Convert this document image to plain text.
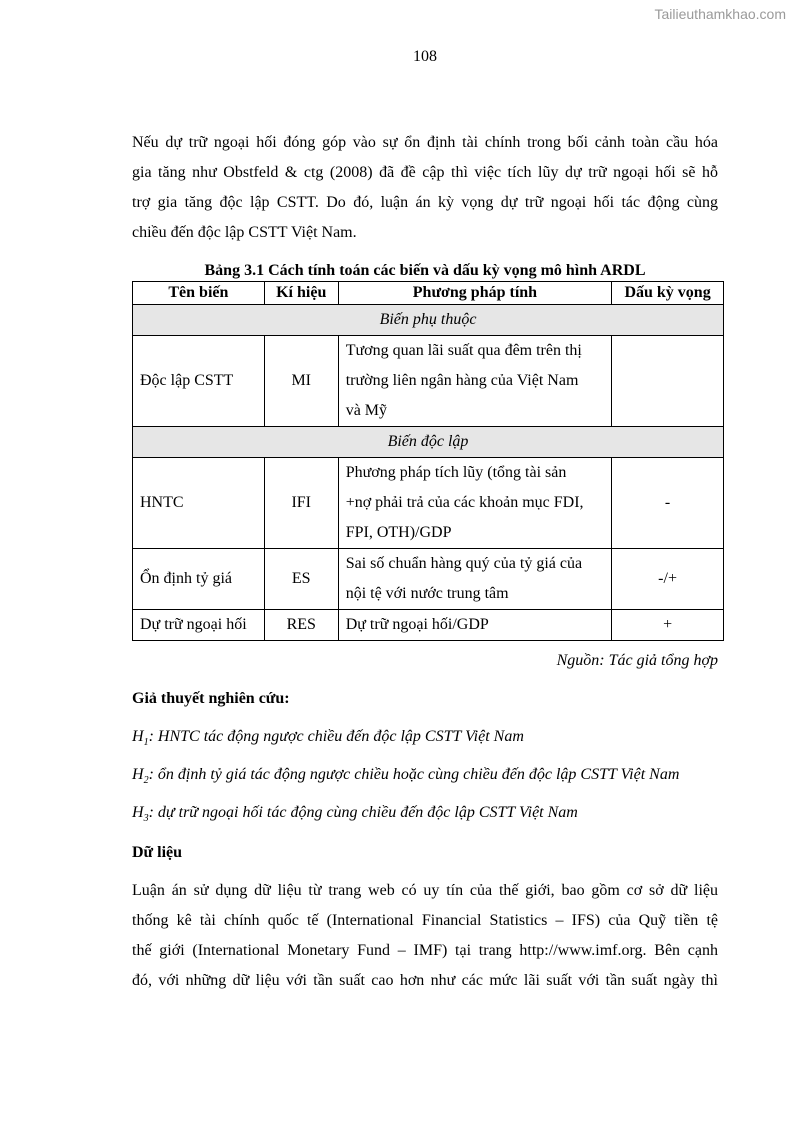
Tailieuthamkhao.com
108

Nếu dự trữ ngoại hối đóng góp vào sự ổn định tài chính trong bối cảnh toàn cầu hóa
gia tăng như Obstfeld & ctg (2008) đã đề cập thì việc tích lũy dự trữ ngoại hối sẽ hỗ
trợ gia tăng độc lập CSTT. Do đó, luận án kỳ vọng dự trữ ngoại hối tác động cùng
chiều đến độc lập CSTT Việt Nam.

Bảng 3.1 Cách tính toán các biến và dấu kỳ vọng mô hình ARDL
Tên biến	Kí hiệu	Phương pháp tính	Dấu kỳ vọng
Biến phụ thuộc			
Độc lập CSTT	MI	Tương quan lãi suất qua đêm trên thị
trường liên ngân hàng của Việt Nam
và Mỹ	

Biến độc lập			
HNTC	IFI	Phương pháp tích lũy (tổng tài sản
+nợ phải trả của các khoản mục FDI,
FPI, OTH)/GDP	-
Ổn định tỷ giá	ES	Sai số chuẩn hàng quý của tỷ giá của
nội tệ với nước trung tâm	-/+
Dự trữ ngoại hối	RES	Dự trữ ngoại hối/GDP	+
Nguồn: Tác giả tổng hợp
Giả thuyết nghiên cứu:
$H_1$: HNTC tác động ngược chiều đến độc lập CSTT Việt Nam
$H_2$: ổn định tỷ giá tác động ngược chiều hoặc cùng chiều đến độc lập CSTT Việt Nam
$H_3$: dự trữ ngoại hối tác động cùng chiều đến độc lập CSTT Việt Nam
Dữ liệu

Luận án sử dụng dữ liệu từ trang web có uy tín của thế giới, bao gồm cơ sở dữ liệu
thống kê tài chính quốc tế (International Financial Statistics – IFS) của Quỹ tiền tệ
thế giới (International Monetary Fund – IMF) tại trang http://www.imf.org. Bên cạnh
đó, với những dữ liệu với tần suất cao hơn như các mức lãi suất với tần suất ngày thì
